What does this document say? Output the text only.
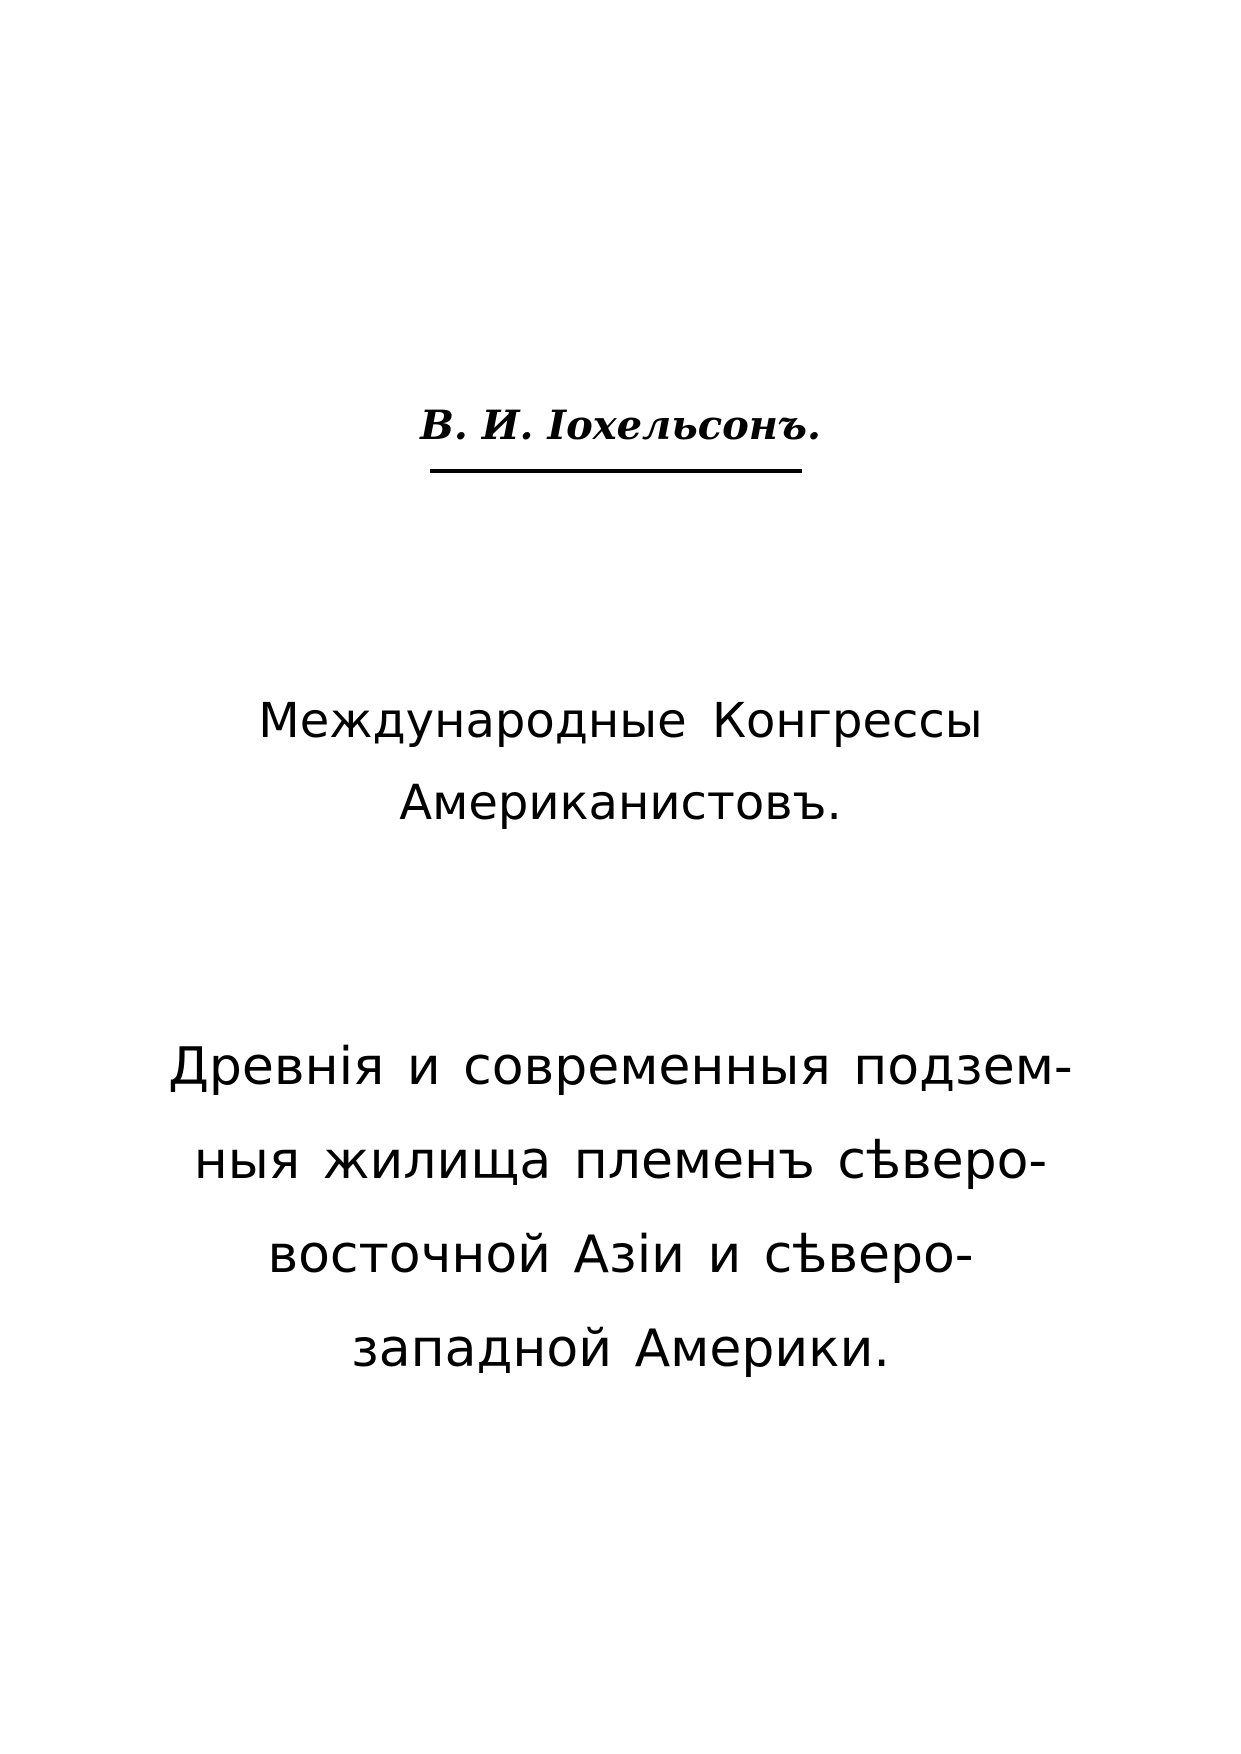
В. И. Іохельсонъ.
Международные Конгрессы
Американистовъ.
Древнія и современныя подзем-
ныя жилища племенъ сѣверо-
восточной Азіи и сѣверо-
западной Америки.
